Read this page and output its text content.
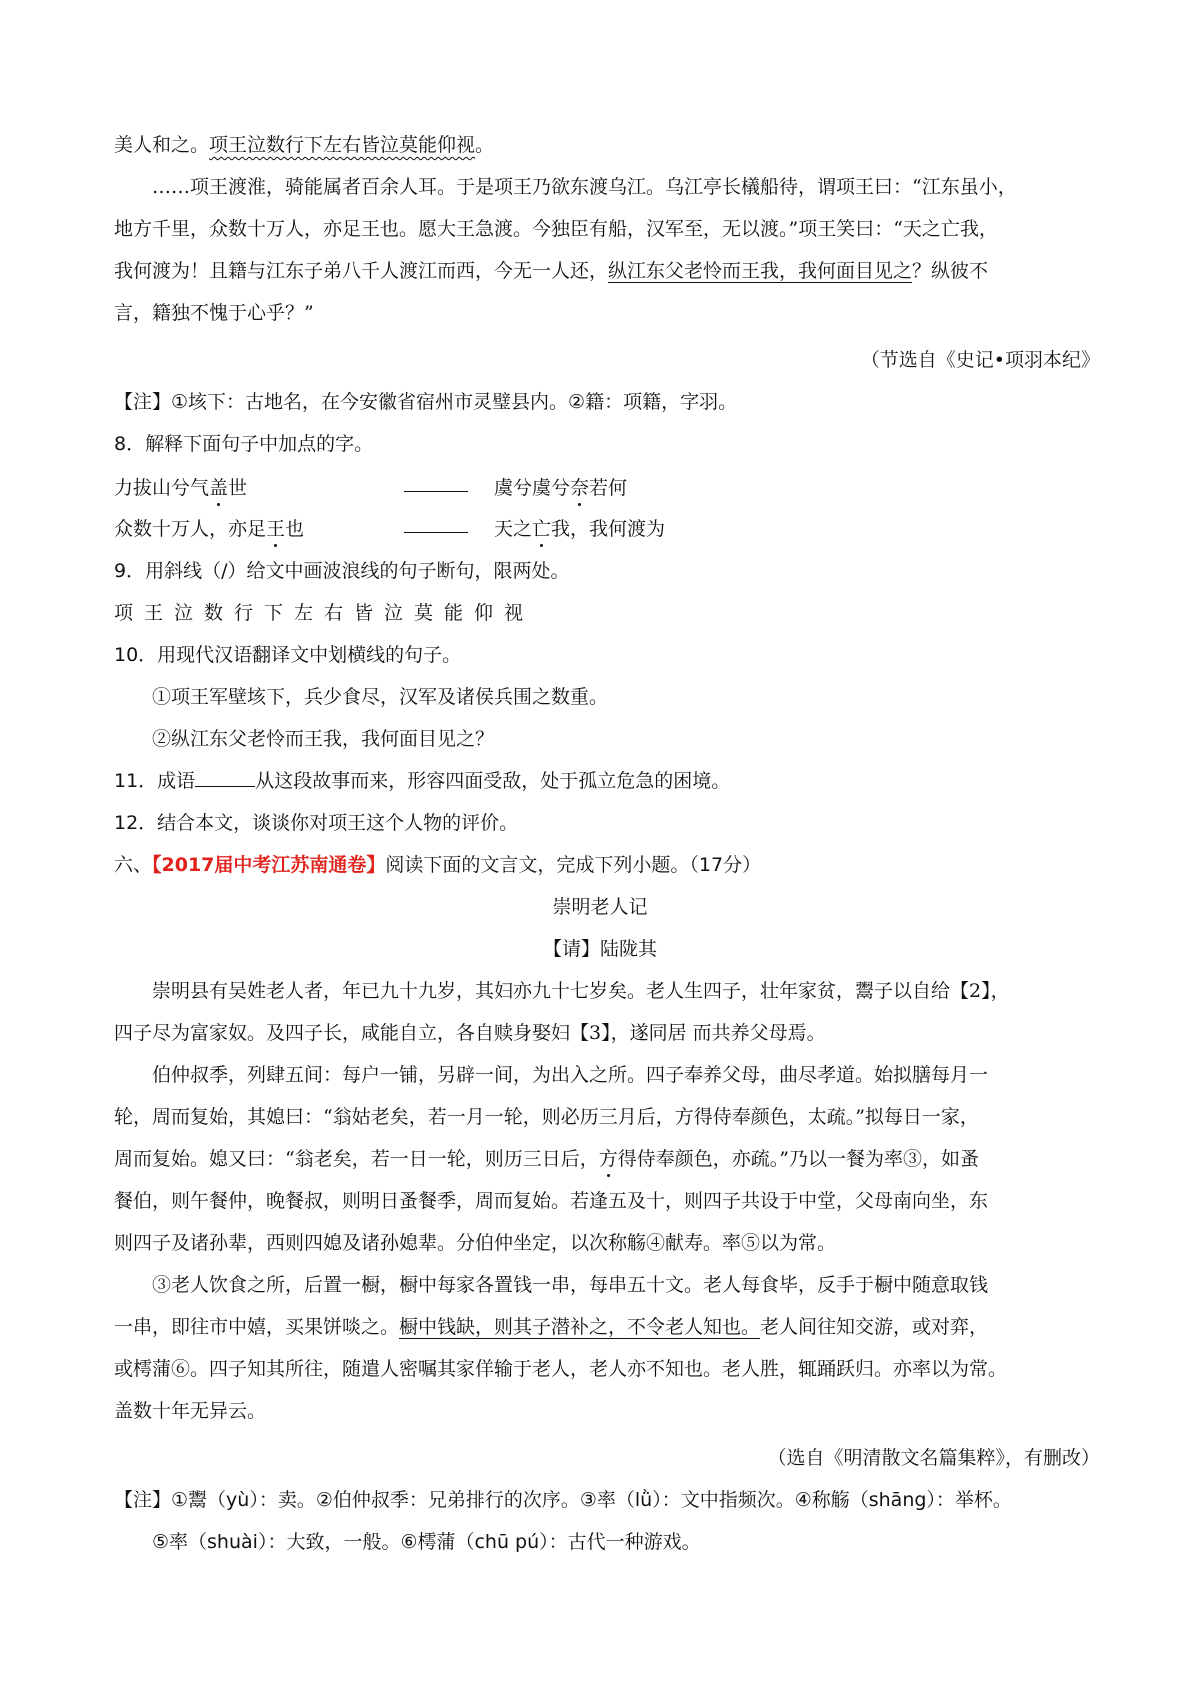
美人和之。项王泣数行下左右皆泣莫能仰视。
……项王渡淮，骑能属者百余人耳。于是项王乃欲东渡乌江。乌江亭长檥船待，谓项王曰：“江东虽小，
地方千里，众数十万人，亦足王也。愿大王急渡。今独臣有船，汉军至，无以渡。”项王笑曰：“天之亡我，
我何渡为！且籍与江东子弟八千人渡江而西，今无一人还，纵江东父老怜而王我，我何面目见之？纵彼不
言，籍独不愧于心乎？”
（节选自《史记•项羽本纪》
【注】①垓下：古地名，在今安徽省宿州市灵璧县内。②籍：项籍，字羽。
8．解释下面句子中加点的字。
力拔山兮气盖世	虞兮虞兮奈若何
众数十万人，亦足王也	天之亡我，我何渡为
9．用斜线（/）给文中画波浪线的句子断句，限两处。
项王泣数行下左右皆泣莫能仰视
10．用现代汉语翻译文中划横线的句子。
①项王军壁垓下，兵少食尽，汉军及诸侯兵围之数重。
②纵江东父老怜而王我，我何面目见之？
11．成语	从这段故事而来，形容四面受敌，处于孤立危急的困境。
12．结合本文，谈谈你对项王这个人物的评价。
六、【2017届中考江苏南通卷】阅读下面的文言文，完成下列小题。（17分）
崇明老人记
【请】陆陇其
崇明县有吴姓老人者，年已九十九岁，其妇亦九十七岁矣。老人生四子，壮年家贫，鬻子以自给【2】，
四子尽为富家奴。及四子长，咸能自立，各自赎身娶妇【3】，遂同居 而共养父母焉。
伯仲叔季，列肆五间：每户一铺，另辟一间，为出入之所。四子奉养父母，曲尽孝道。始拟膳每月一
轮，周而复始，其媳曰：“翁姑老矣，若一月一轮，则必历三月后，方得侍奉颜色，太疏。”拟每日一家，
周而复始。媳又曰：“翁老矣，若一日一轮，则历三日后，方得侍奉颜色，亦疏。”乃以一餐为率③，如蚤
餐伯，则午餐仲，晚餐叔，则明日蚤餐季，周而复始。若逢五及十，则四子共设于中堂，父母南向坐，东
则四子及诸孙辈，西则四媳及诸孙媳辈。分伯仲坐定，以次称觞④献寿。率⑤以为常。
③老人饮食之所，后置一橱，橱中每家各置钱一串，每串五十文。老人每食毕，反手于橱中随意取钱
一串，即往市中嬉，买果饼啖之。橱中钱缺，则其子潜补之，不令老人知也。老人间往知交游，或对弈，
或樗蒲⑥。四子知其所往，随遣人密嘱其家佯输于老人，老人亦不知也。老人胜，辄踊跃归。亦率以为常。
盖数十年无异云。
（选自《明清散文名篇集粹》，有删改）
【注】①鬻（yù）：卖。②伯仲叔季：兄弟排行的次序。③率（lǜ）：文中指频次。④称觞（shāng）：举杯。
⑤率（shuài）：大致，一般。⑥樗蒲（chū pú）：古代一种游戏。
